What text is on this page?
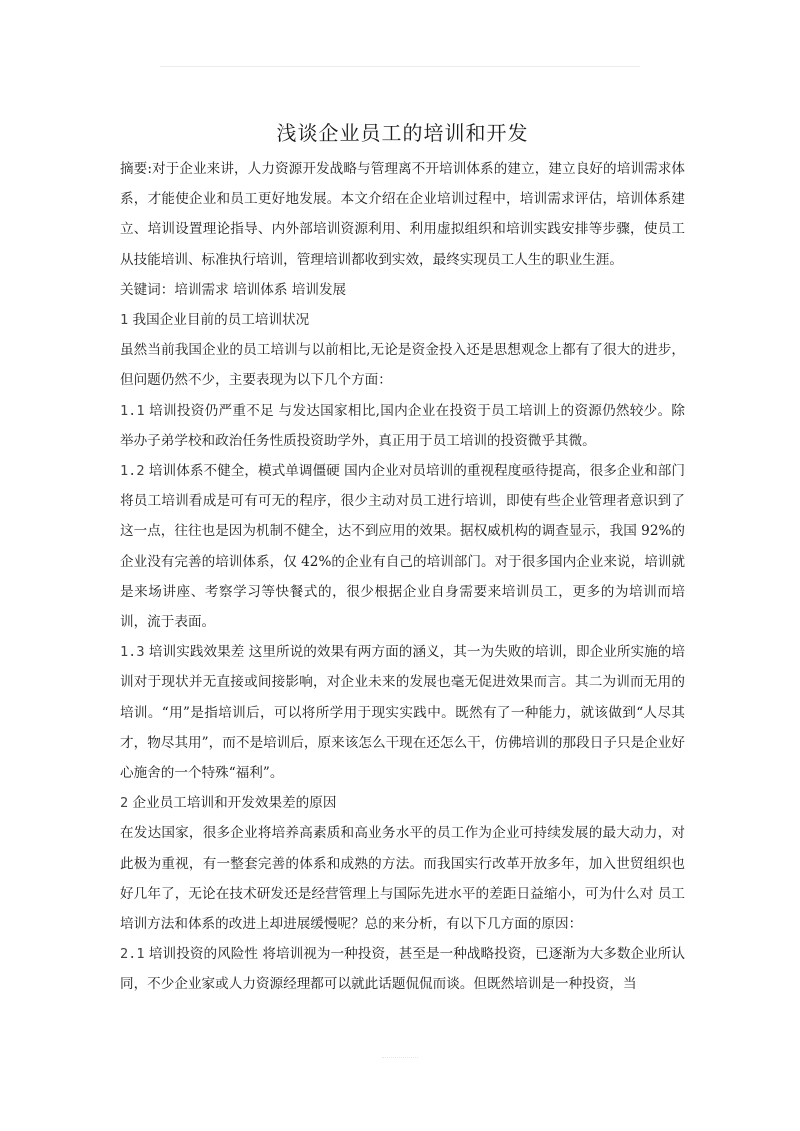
浅谈企业员工的培训和开发

摘要:对于企业来讲，人力资源开发战略与管理离不开培训体系的建立，建立良好的培训需求体系，才能使企业和员工更好地发展。本文介绍在企业培训过程中，培训需求评估，培训体系建立、培训设置理论指导、内外部培训资源利用、利用虚拟组织和培训实践安排等步骤，使员工从技能培训、标准执行培训，管理培训都收到实效，最终实现员工人生的职业生涯。

关键词：培训需求 培训体系 培训发展

1 我国企业目前的员工培训状况

虽然当前我国企业的员工培训与以前相比,无论是资金投入还是思想观念上都有了很大的进步，但问题仍然不少，主要表现为以下几个方面：

1.1 培训投资仍严重不足 与发达国家相比,国内企业在投资于员工培训上的资源仍然较少。除举办子弟学校和政治任务性质投资助学外，真正用于员工培训的投资微乎其微。

1.2 培训体系不健全，模式单调僵硬 国内企业对员培训的重视程度亟待提高，很多企业和部门将员工培训看成是可有可无的程序，很少主动对员工进行培训，即使有些企业管理者意识到了这一点，往往也是因为机制不健全，达不到应用的效果。据权威机构的调查显示，我国 92%的企业没有完善的培训体系，仅 42%的企业有自己的培训部门。对于很多国内企业来说，培训就是来场讲座、考察学习等快餐式的，很少根据企业自身需要来培训员工，更多的为培训而培训，流于表面。

1.3 培训实践效果差 这里所说的效果有两方面的涵义，其一为失败的培训，即企业所实施的培训对于现状并无直接或间接影响，对企业未来的发展也毫无促进效果而言。其二为训而无用的培训。“用”是指培训后，可以将所学用于现实实践中。既然有了一种能力，就该做到“人尽其才，物尽其用”，而不是培训后，原来该怎么干现在还怎么干，仿佛培训的那段日子只是企业好心施舍的一个特殊“福利”。

2 企业员工培训和开发效果差的原因

在发达国家，很多企业将培养高素质和高业务水平的员工作为企业可持续发展的最大动力，对此极为重视，有一整套完善的体系和成熟的方法。而我国实行改革开放多年，加入世贸组织也好几年了，无论在技术研发还是经营管理上与国际先进水平的差距日益缩小，可为什么对 员工培训方法和体系的改进上却进展缓慢呢？总的来分析，有以下几方面的原因：

2.1 培训投资的风险性 将培训视为一种投资，甚至是一种战略投资，已逐渐为大多数企业所认同，不少企业家或人力资源经理都可以就此话题侃侃而谈。但既然培训是一种投资，当
